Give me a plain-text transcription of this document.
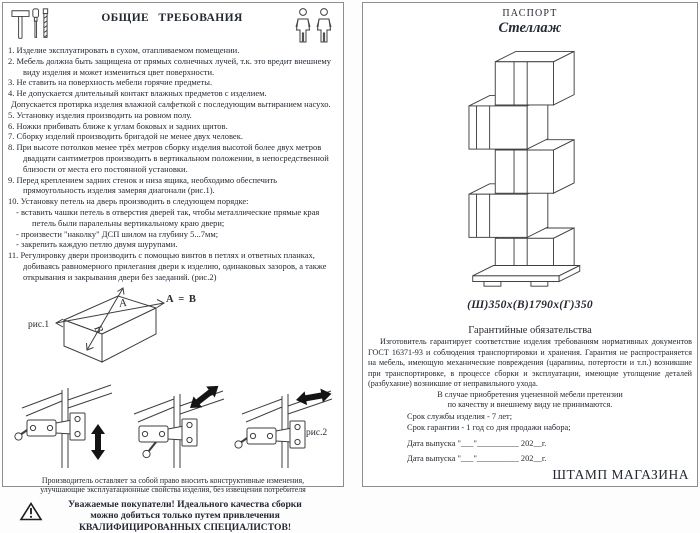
ОБЩИЕ ТРЕБОВАНИЯ
1. Изделие эксплуатировать в сухом, отапливаемом помещении.
2. Мебель должна быть защищена от прямых солнечных лучей, т.к. это вредит внешнему виду изделия и может измениться цвет поверхности.
3. Не ставить на поверхность мебели горячие предметы.
4. Не допускается длительный контакт влажных предметов с изделием.
Допускается протирка изделия влажной салфеткой с последующим вытиранием насухо.
5. Установку изделия производить на ровном полу.
6. Ножки прибивать ближе к углам боковых и задних щитов.
7. Сборку изделий производить бригадой не менее двух человек.
8. При высоте потолков менее трёх метров сборку изделия высотой более двух метров двадцати сантиметров производить в вертикальном положении, в непосредственной близости от места его постоянной установки.
9. Перед креплением задних стенок и низа ящика, необходимо обеспечить прямоугольность изделия замеряя диагонали (рис.1).
10. Установку петель на дверь производить в следующем порядке:
- вставить чашки петель в отверстия дверей так, чтобы металлические прямые края петель были паралельны вертикальному краю двери;
- произвести "наколку" ДСП шилом на глубину 5...7мм;
- закрепить каждую петлю двумя шурупами.
11. Регулировку двери производить с помощью винтов в петлях и ответных планках, добиваясь равномерного прилегания двери к изделию, одинаковых зазоров, а также открывания и закрывания двери без заеданий. (рис.2)
рис.1
А
В
А = В
рис.2
Производитель оставляет за собой право вносить конструктивные изменения,
улучшающие эксплуатационные свойства изделия, без извещения потребителя
Уважаемые покупатели! Идеального качества сборки
можно добиться только путем привлечения
КВАЛИФИЦИРОВАННЫХ СПЕЦИАЛИСТОВ!
ПАСПОРТ
Стеллаж
(Ш)350х(В)1790х(Г)350
Гарантийные обязательства
Изготовитель гарантирует соответствие изделия требованиям нормативных документов ГОСТ 16371-93 и соблюдения транспортировки и хранения. Гарантия не распространяется на мебель, имеющую механические повреждения (царапины, потертости и т.п.) возникшие при транспортировке, в процессе сборки и эксплуатации, имеющие утолщение деталей (разбухание) возникшие от неправильного ухода.
В случае приобретения уцененной мебели претензии
по качеству и внешнему виду не принимаются.
Срок службы изделия - 7 лет;
Срок гарантии - 1 год со дня продажи набора;
Дата выпуска "___"__________ 202__г.
Дата выпуска "___"__________ 202__г.
ШТАМП МАГАЗИНА
